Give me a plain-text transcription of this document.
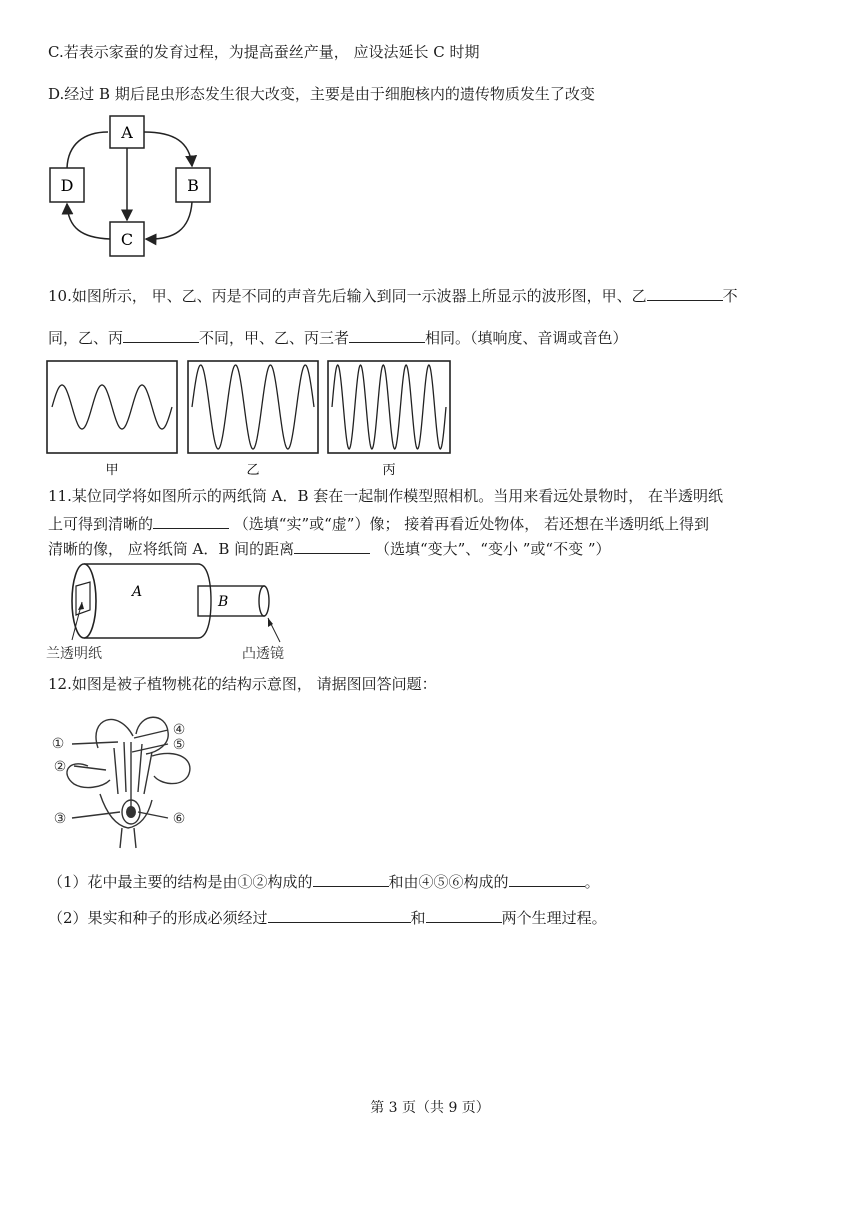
C.若表示家蚕的发育过程，为提高蚕丝产量， 应设法延长 C 时期
D.经过 B 期后昆虫形态发生很大改变，主要是由于细胞核内的遗传物质发生了改变
A
B
C
D
10.如图所示， 甲、乙、丙是不同的声音先后输入到同一示波器上所显示的波形图，甲、乙	不
同，乙、丙	不同，甲、乙、丙三者	相同。（填响度、音调或音色）
甲	乙	丙
11.某位同学将如图所示的两纸筒 A．B 套在一起制作模型照相机。当用来看远处景物时， 在半透明纸
上可得到清晰的	（选填“实”或“虚”）像； 接着再看近处物体， 若还想在半透明纸上得到
清晰的像， 应将纸筒 A．B 间的距离	（选填“变大”、“变小 ”或“不变 ”）
A
B
兰透明纸	凸透镜
12.如图是被子植物桃花的结构示意图， 请据图回答问题：
①
②
③
④
⑤
⑥
（1）花中最主要的结构是由①②构成的	和由④⑤⑥构成的	。
（2）果实和种子的形成必须经过	和	两个生理过程。
第 3 页（共 9 页）
